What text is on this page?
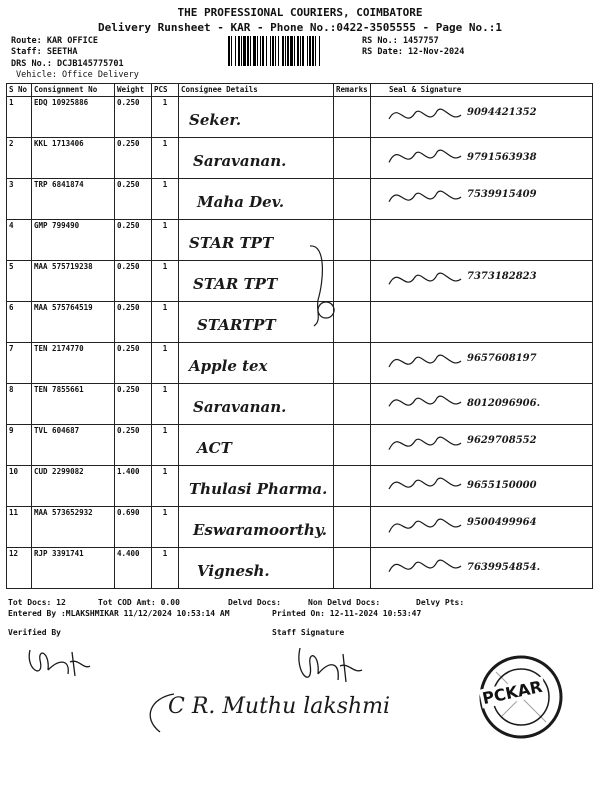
THE PROFESSIONAL COURIERS, COIMBATORE
Delivery Runsheet - KAR - Phone No.:0422-3505555 - Page No.:1
Route: KAR OFFICE
Staff: SEETHA
DRS No.: DCJB145775701
Vehicle: Office Delivery
RS No.: 1457757
RS Date: 12-Nov-2024
S No	Consignment No	Weight	PCS	Consignee Details	Remarks	Seal & Signature
1	EDQ 10925886	0.250	1	Seker.		9094421352

2	KKL 1713406	0.250	1	Saravanan.		9791563938

3	TRP 6841874	0.250	1	Maha Dev.		7539915409

4	GMP 799490	0.250	1	STAR TPT		

5	MAA 575719238	0.250	1	STAR TPT		7373182823

6	MAA 575764519	0.250	1	STARTPT		

7	TEN 2174770	0.250	1	Apple tex		9657608197

8	TEN 7855661	0.250	1	Saravanan.		8012096906.

9	TVL 604687	0.250	1	ACT		9629708552

10	CUD 2299082	1.400	1	Thulasi Pharma.		9655150000

11	MAA 573652932	0.690	1	Eswaramoorthy.		9500499964

12	RJP 3391741	4.400	1	Vignesh.		7639954854.
Tot Docs: 12	Tot COD Amt: 0.00	Delvd Docs:	Non Delvd Docs:	Delvy Pts:
Entered By :MLAKSHMIKAR 11/12/2024 10:53:14 AM	Printed On: 12-11-2024 10:53:47
Verified By	Staff Signature
C R. Muthu lakshmi	PCKAR
